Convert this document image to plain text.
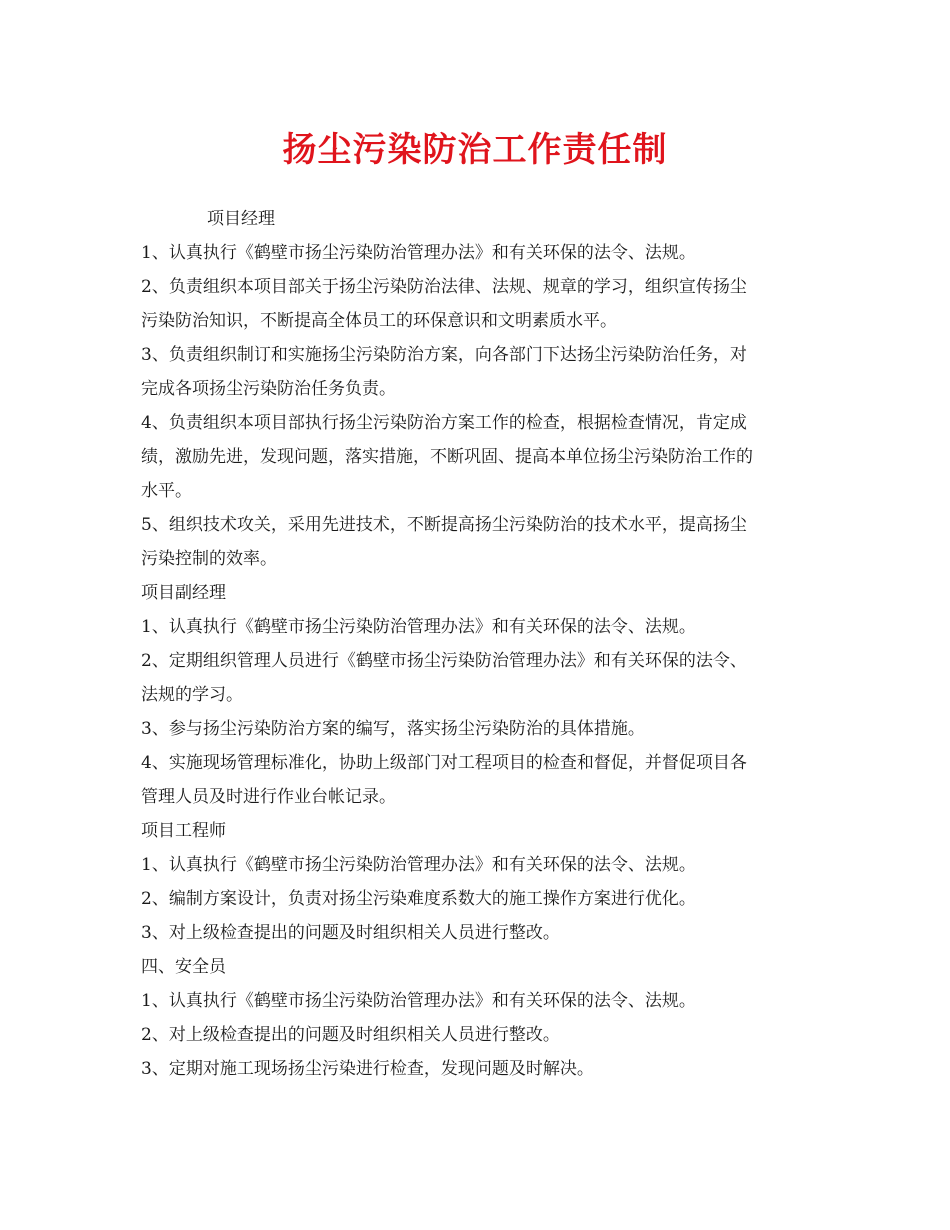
扬尘污染防治工作责任制

项目经理

1、认真执行《鹤壁市扬尘污染防治管理办法》和有关环保的法令、法规。

2、负责组织本项目部关于扬尘污染防治法律、法规、规章的学习，组织宣传扬尘

污染防治知识，不断提高全体员工的环保意识和文明素质水平。

3、负责组织制订和实施扬尘污染防治方案，向各部门下达扬尘污染防治任务，对

完成各项扬尘污染防治任务负责。

4、负责组织本项目部执行扬尘污染防治方案工作的检查，根据检查情况，肯定成

绩，激励先进，发现问题，落实措施，不断巩固、提高本单位扬尘污染防治工作的

水平。

5、组织技术攻关，采用先进技术，不断提高扬尘污染防治的技术水平，提高扬尘

污染控制的效率。

项目副经理

1、认真执行《鹤壁市扬尘污染防治管理办法》和有关环保的法令、法规。

2、定期组织管理人员进行《鹤壁市扬尘污染防治管理办法》和有关环保的法令、

法规的学习。

3、参与扬尘污染防治方案的编写，落实扬尘污染防治的具体措施。

4、实施现场管理标准化，协助上级部门对工程项目的检查和督促，并督促项目各

管理人员及时进行作业台帐记录。

项目工程师

1、认真执行《鹤壁市扬尘污染防治管理办法》和有关环保的法令、法规。

2、编制方案设计，负责对扬尘污染难度系数大的施工操作方案进行优化。

3、对上级检查提出的问题及时组织相关人员进行整改。

四、安全员

1、认真执行《鹤壁市扬尘污染防治管理办法》和有关环保的法令、法规。

2、对上级检查提出的问题及时组织相关人员进行整改。

3、定期对施工现场扬尘污染进行检查，发现问题及时解决。
